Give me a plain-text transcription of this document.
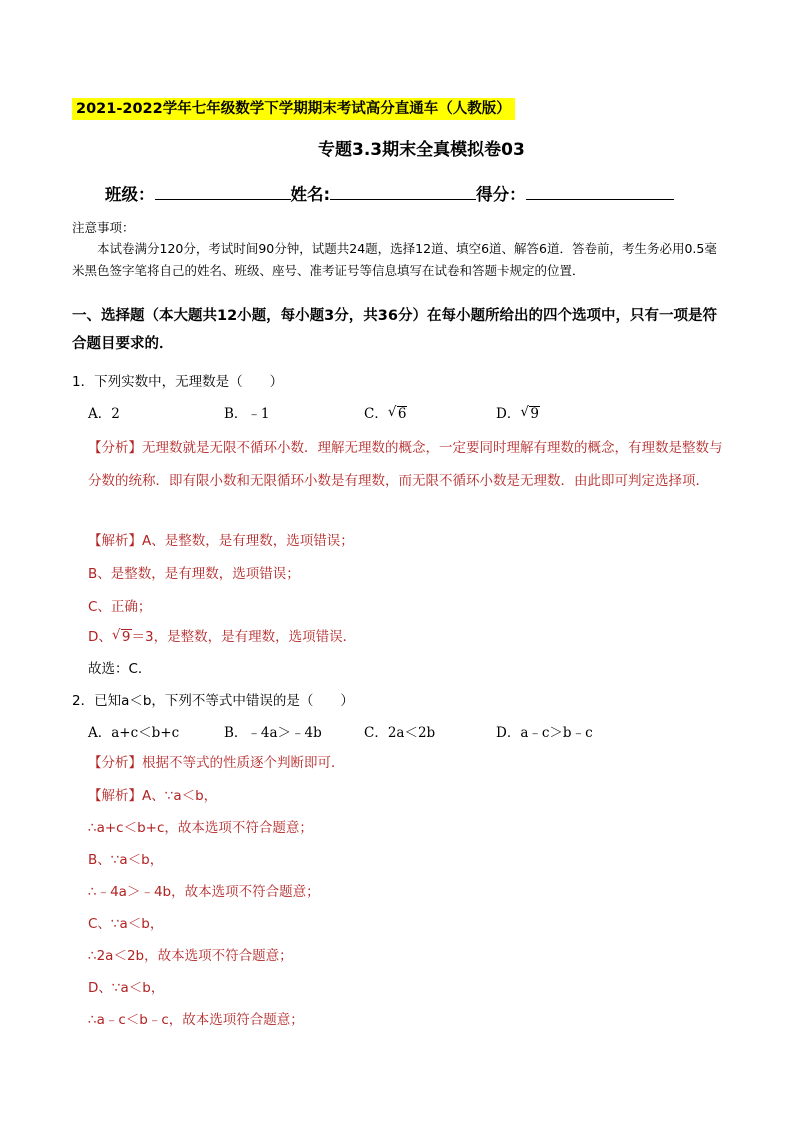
2021-2022学年七年级数学下学期期末考试高分直通车（人教版）
专题3.3期末全真模拟卷03
班级：	姓名:	得分：
注意事项：
本试卷满分120分，考试时间90分钟，试题共24题，选择12道、填空6道、解答6道．答卷前，考生务必用0.5毫米黑色签字笔将自己的姓名、班级、座号、准考证号等信息填写在试卷和答题卡规定的位置．
一、选择题（本大题共12小题，每小题3分，共36分）在每小题所给出的四个选项中，只有一项是符合题目要求的．
1．下列实数中，无理数是（　　）
A．2	B．﹣1	C． √ 6	D． √ 9
【分析】无理数就是无限不循环小数．理解无理数的概念，一定要同时理解有理数的概念，有理数是整数与分数的统称．即有限小数和无限循环小数是有理数，而无限不循环小数是无理数．由此即可判定选择项．
【解析】A、是整数，是有理数，选项错误；
B、是整数，是有理数，选项错误；
C、正确；
D、 √ 9＝3，是整数，是有理数，选项错误．
故选：C．
2．已知a＜b，下列不等式中错误的是（　　）
A．a+c＜b+c	B．﹣4a＞﹣4b	C．2a＜2b	D．a﹣c＞b﹣c
【分析】根据不等式的性质逐个判断即可．
【解析】A、∵a＜b，
∴a+c＜b+c，故本选项不符合题意；
B、∵a＜b，
∴﹣4a＞﹣4b，故本选项不符合题意；
C、∵a＜b，
∴2a＜2b，故本选项不符合题意；
D、∵a＜b，
∴a﹣c＜b﹣c，故本选项符合题意；
